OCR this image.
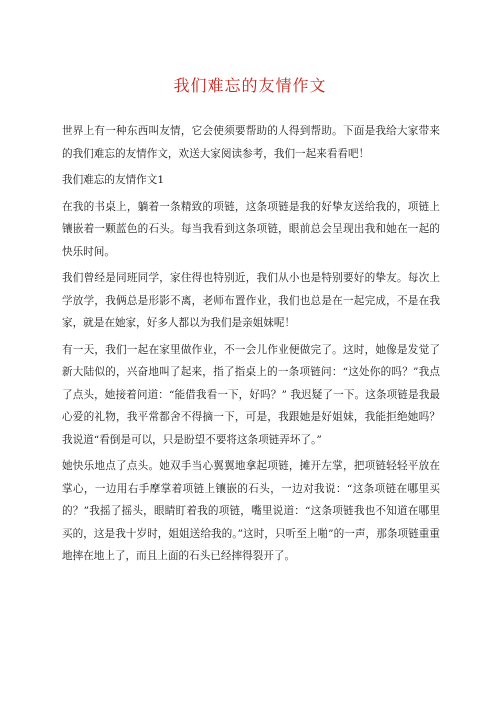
我们难忘的友情作文

世界上有一种东西叫友情，它会使须要帮助的人得到帮助。下面是我给大家带来的我们难忘的友情作文，欢送大家阅读参考，我们一起来看看吧！

我们难忘的友情作文1

在我的书桌上，躺着一条精致的项链，这条项链是我的好挚友送给我的，项链上镶嵌着一颗蓝色的石头。每当我看到这条项链，眼前总会呈现出我和她在一起的快乐时间。

我们曾经是同班同学，家住得也特别近，我们从小也是特别要好的挚友。每次上学放学，我俩总是形影不离，老师布置作业，我们也总是在一起完成，不是在我家，就是在她家，好多人都以为我们是亲姐妹呢！

有一天，我们一起在家里做作业，不一会儿作业便做完了。这时，她像是发觉了新大陆似的，兴奋地叫了起来，指了指桌上的一条项链问：“这处你的吗？”我点了点头，她接着问道：“能借我看一下，好吗？” 我迟疑了一下。这条项链是我最心爱的礼物，我平常都舍不得摘一下，可是，我跟她是好姐妹，我能拒绝她吗？我说道“看倒是可以，只是盼望不要将这条项链弄坏了。”

她快乐地点了点头。她双手当心翼翼地拿起项链，摊开左掌，把项链轻轻平放在掌心，一边用右手摩掌着项链上镶嵌的石头，一边对我说：“这条项链在哪里买的？”我摇了摇头，眼睛盯着我的项链，嘴里说道：“这条项链我也不知道在哪里买的，这是我十岁时，姐姐送给我的。”这时，只听至上啪”的一声，那条项链重重地摔在地上了，而且上面的石头已经摔得裂开了。
